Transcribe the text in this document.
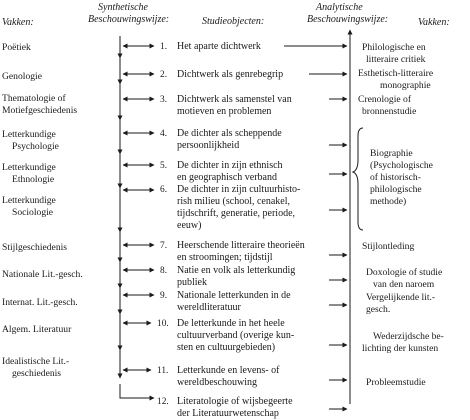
Vakken:
Synthetische
Beschouwingswijze:	Studieobjecten:
Analytische
Beschouwingswijze:	Vakken:
Poëtiek
Genologie
Thematologie of
Motiefgeschiedenis
Letterkundige
Psychologie
Letterkundige
Ethnologie
Letterkundige
Sociologie
Stijlgeschiedenis
Nationale Lit.-gesch.
Internat. Lit.-gesch.
Algem. Literatuur
Idealistische Lit.-
geschiedenis
1. Het aparte dichtwerk
2. Dichtwerk als genrebegrip
3. Dichtwerk als samenstel van
motieven en problemen
4. De dichter als scheppende
persoonlijkheid
5. De dichter in zijn ethnisch
en geographisch verband
6. De dichter in zijn cultuurhisto-
rish milieu (school, cenakel,
tijdschrift, generatie, periode,
eeuw)
7. Heerschende litteraire theorieën
en stroomingen; tijdstijl
8. Natie en volk als letterkundig
publiek
9. Nationale letterkunden in de
wereldliteratuur
10. De letterkunde in het heele
cultuurverband (overige kun-
sten en cultuurgebieden)
11. Letterkunde en levens- of
wereldbeschouwing
12. Literatologie of wijsbegeerte
der Literatuurwetenschap
Philologische en
litteraire critiek
Esthetisch-litteraire
monographie
Crenologie of
bronnenstudie
Biographie
(Psychologische
of historisch-
philologische
methode)
Stijlontleding
Doxologie of studie
van den naroem
Vergelijkende lit.-
gesch.
Wederzijdsche be-
lichting der kunsten
Probleemstudie
